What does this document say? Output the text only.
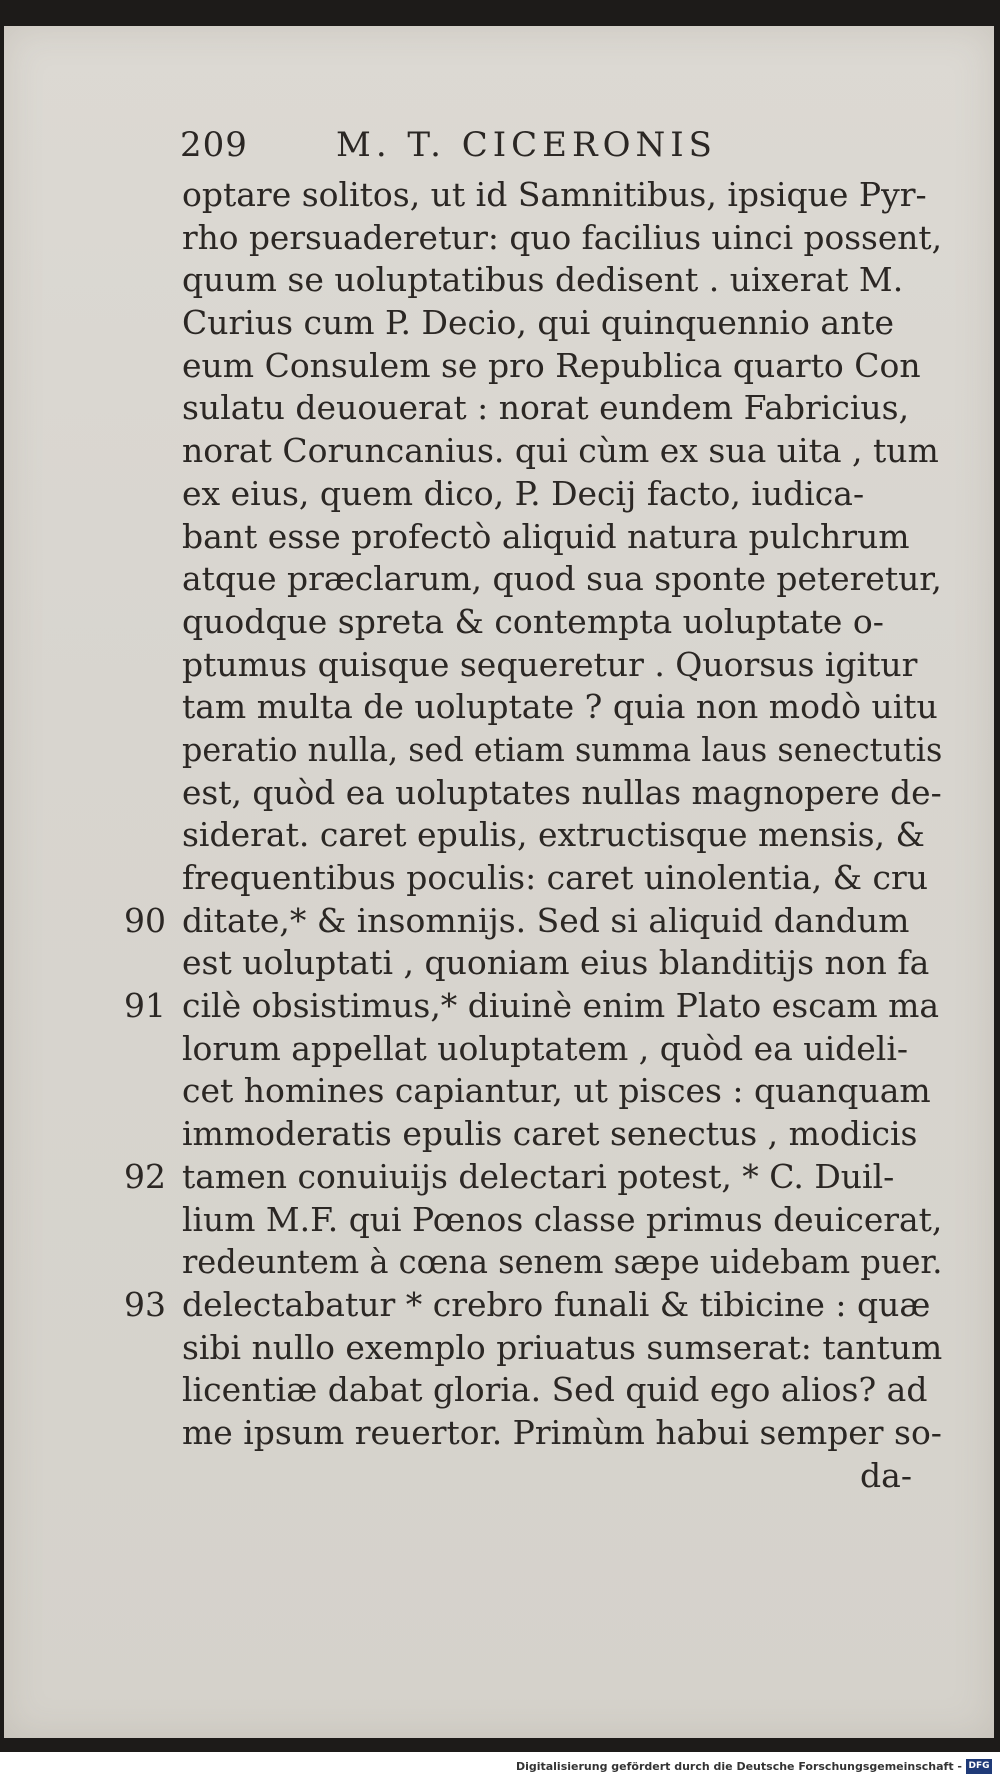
209	M. T. CICERONIS
optare solitos, ut id Samnitibus, ipsique Pyr-
rho persuaderetur: quo facilius uinci possent,
quum se uoluptatibus dedisent . uixerat M.
Curius cum P. Decio, qui quinquennio ante
eum Consulem se pro Republica quarto Con
sulatu deuouerat : norat eundem Fabricius,
norat Coruncanius. qui cùm ex sua uita , tum
ex eius, quem dico, P. Decij facto, iudica-
bant esse profectò aliquid natura pulchrum
atque præclarum, quod sua sponte peteretur,
quodque spreta & contempta uoluptate o-
ptumus quisque sequeretur . Quorsus igitur
tam multa de uoluptate ? quia non modò uitu
peratio nulla, sed etiam summa laus senectutis
est, quòd ea uoluptates nullas magnopere de-
siderat. caret epulis, extructisque mensis, &
frequentibus poculis: caret uinolentia, & cru
90 ditate,* & insomnijs. Sed si aliquid dandum
est uoluptati , quoniam eius blanditijs non fa
91 cilè obsistimus,* diuinè enim Plato escam ma
lorum appellat uoluptatem , quòd ea uideli-
cet homines capiantur, ut pisces : quanquam
immoderatis epulis caret senectus , modicis
92 tamen conuiuijs delectari potest, * C. Duil-
lium M.F. qui Pœnos classe primus deuicerat,
redeuntem à cœna senem sæpe uidebam puer.
93 delectabatur * crebro funali & tibicine : quæ
sibi nullo exemplo priuatus sumserat: tantum
licentiæ dabat gloria. Sed quid ego alios? ad
me ipsum reuertor. Primùm habui semper so-
da-
Digitalisierung gefördert durch die Deutsche Forschungsgemeinschaft - DFG
